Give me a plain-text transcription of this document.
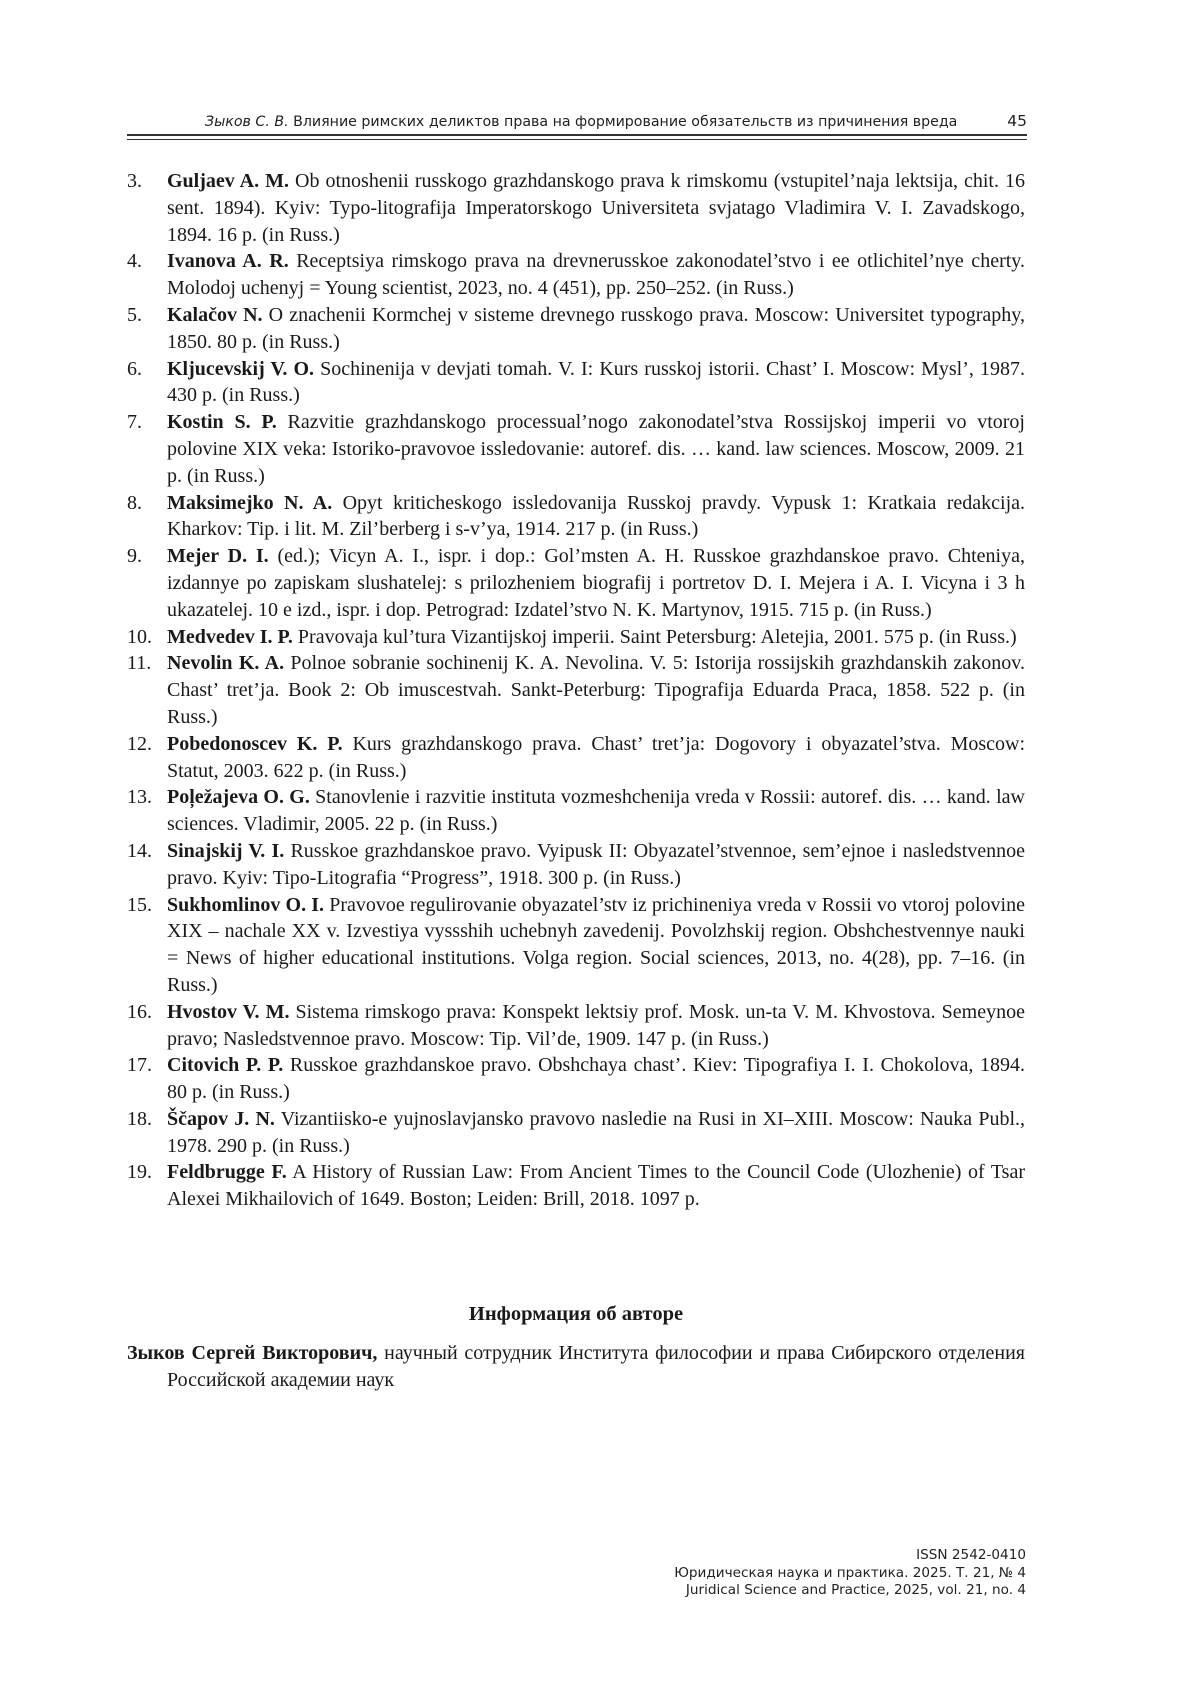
Зыков С. В. Влияние римских деликтов права на формирование обязательств из причинения вреда	45
3. Guljaev A. M. Ob otnoshenii russkogo grazhdanskogo prava k rimskomu (vstupitel’naja lektsija, chit. 16 sent. 1894). Kyiv: Typo-litografija Imperatorskogo Universiteta svjatago Vladimira V. I. Zavadskogo, 1894. 16 p. (in Russ.)
4. Ivanova A. R. Receptsiya rimskogo prava na drevnerusskoe zakonodatel’stvo i ee otlichitel’nye cherty. Molodoj uchenyj = Young scientist, 2023, no. 4 (451), pp. 250–252. (in Russ.)
5. Kalačov N. O znachenii Kormchej v sisteme drevnego russkogo prava. Moscow: Universitet typography, 1850. 80 p. (in Russ.)
6. Kljucevskij V. O. Sochinenija v devjati tomah. V. I: Kurs russkoj istorii. Chast’ I. Moscow: Mysl’, 1987. 430 p. (in Russ.)
7. Kostin S. P. Razvitie grazhdanskogo processual’nogo zakonodatel’stva Rossijskoj imperii vo vtoroj polovine XIX veka: Istoriko-pravovoe issledovanie: autoref. dis. … kand. law sciences. Moscow, 2009. 21 p. (in Russ.)
8. Maksimejko N. A. Opyt kriticheskogo issledovanija Russkoj pravdy. Vypusk 1: Kratkaia redakcija. Kharkov: Tip. i lit. M. Zil’berberg i s-v’ya, 1914. 217 p. (in Russ.)
9. Mejer D. I. (ed.); Vicyn A. I., ispr. i dop.: Gol’msten A. H. Russkoe grazhdanskoe pravo. Chteniya, izdannye po zapiskam slushatelej: s prilozheniem biografij i portretov D. I. Mejera i A. I. Vicyna i 3 h ukazatelej. 10 e izd., ispr. i dop. Petrograd: Izdatel’stvo N. K. Martynov, 1915. 715 p. (in Russ.)
10. Medvedev I. P. Pravovaja kul’tura Vizantijskoj imperii. Saint Petersburg: Aletejia, 2001. 575 p. (in Russ.)
11. Nevolin K. A. Polnoe sobranie sochinenij K. A. Nevolina. V. 5: Istorija rossijskih grazhdanskih zakonov. Chast’ tret’ja. Book 2: Ob imuscestvah. Sankt-Peterburg: Tipografija Eduarda Praca, 1858. 522 p. (in Russ.)
12. Pobedonoscev K. P. Kurs grazhdanskogo prava. Chast’ tret’ja: Dogovory i obyazatel’stva. Moscow: Statut, 2003. 622 p. (in Russ.)
13. Poļežajeva O. G. Stanovlenie i razvitie instituta vozmeshchenija vreda v Rossii: autoref. dis. … kand. law sciences. Vladimir, 2005. 22 p. (in Russ.)
14. Sinajskij V. I. Russkoe grazhdanskoe pravo. Vyipusk II: Obyazatel’stvennoe, sem’ejnoe i nasledstvennoe pravo. Kyiv: Tipo-Litografia “Progress”, 1918. 300 p. (in Russ.)
15. Sukhomlinov O. I. Pravovoe regulirovanie obyazatel’stv iz prichineniya vreda v Rossii vo vtoroj polovine XIX – nachale XX v. Izvestiya vyssshih uchebnyh zavedenij. Povolzhskij region. Obshchestvennye nauki = News of higher educational institutions. Volga region. Social sciences, 2013, no. 4(28), pp. 7–16. (in Russ.)
16. Hvostov V. M. Sistema rimskogo prava: Konspekt lektsiy prof. Mosk. un-ta V. M. Khvostova. Semeynoe pravo; Nasledstvennoe pravo. Moscow: Tip. Vil’de, 1909. 147 p. (in Russ.)
17. Citovich P. P. Russkoe grazhdanskoe pravo. Obshchaya chast’. Kiev: Tipografiya I. I. Chokolova, 1894. 80 p. (in Russ.)
18. Ščapov J. N. Vizantiisko-e yujnoslavjansko pravovo nasledie na Rusi in XI–XIII. Moscow: Nauka Publ., 1978. 290 p. (in Russ.)
19. Feldbrugge F. A History of Russian Law: From Ancient Times to the Council Code (Ulozhenie) of Tsar Alexei Mikhailovich of 1649. Boston; Leiden: Brill, 2018. 1097 p.
Информация об авторе
Зыков Сергей Викторович, научный сотрудник Института философии и права Сибирского отделения Российской академии наук
ISSN 2542-0410
Юридическая наука и практика. 2025. Т. 21, № 4
Juridical Science and Practice, 2025, vol. 21, no. 4
